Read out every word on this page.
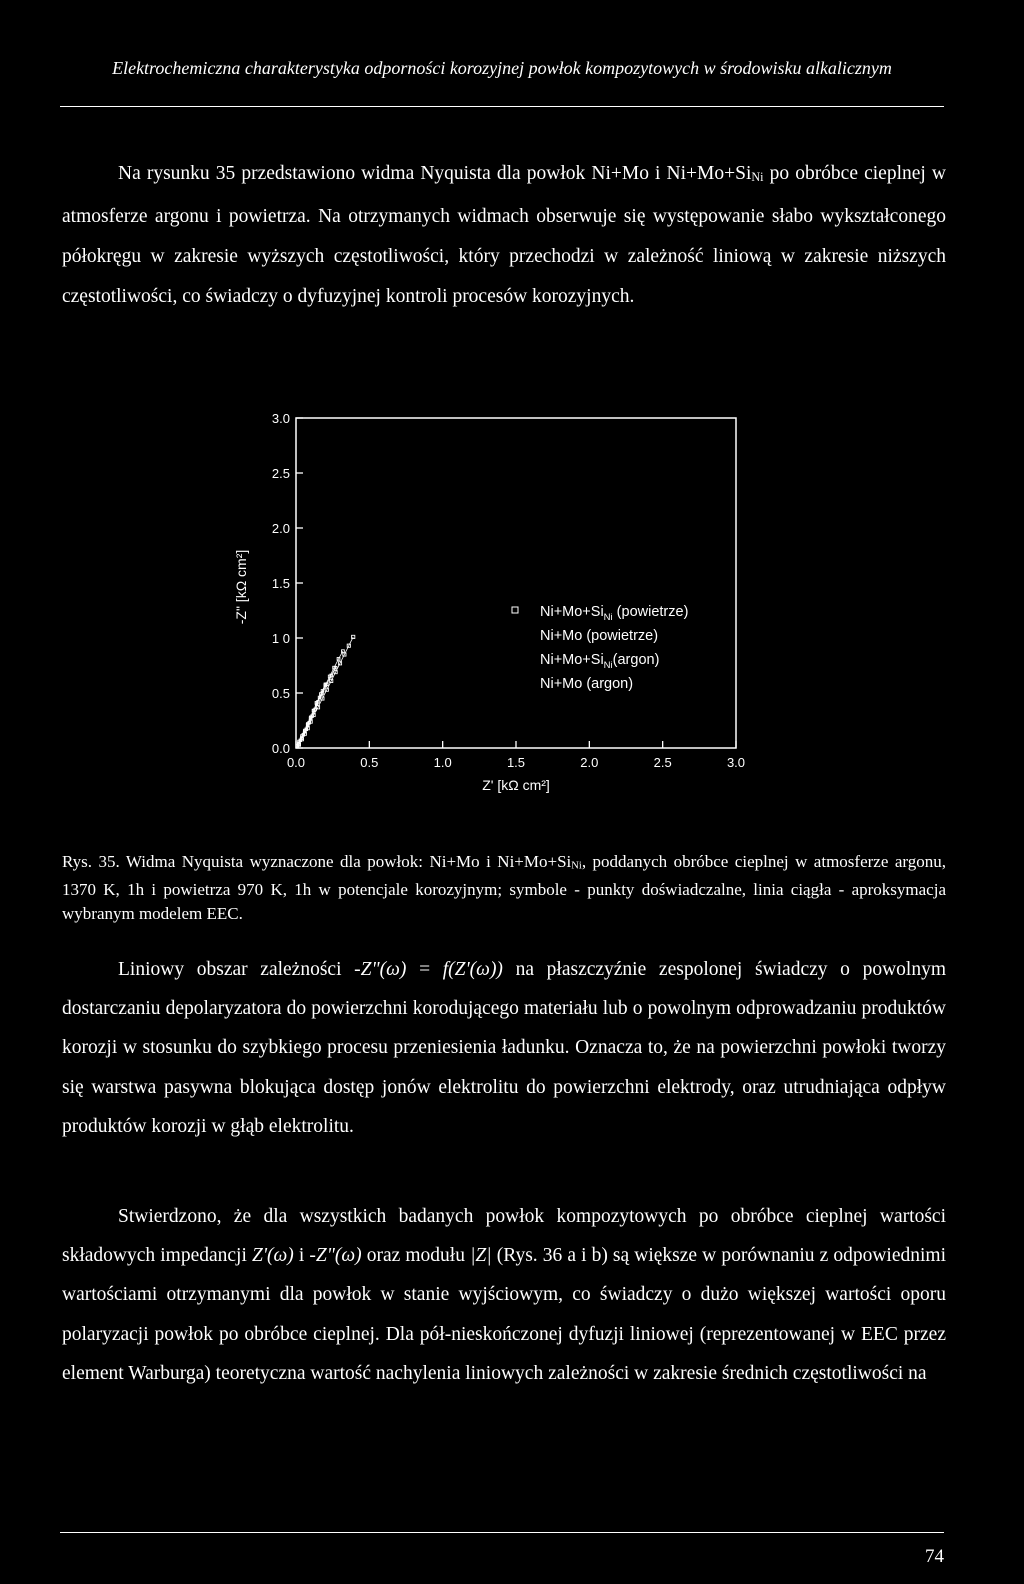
Elektrochemiczna charakterystyka odporności korozyjnej powłok kompozytowych w środowisku alkalicznym
Na rysunku 35 przedstawiono widma Nyquista dla powłok Ni+Mo i $Ni+Mo+Si_{Ni}$ po obróbce cieplnej w atmosferze argonu i powietrza. Na otrzymanych widmach obserwuje się występowanie słabo wykształconego półokręgu w zakresie wyższych częstotliwości, który przechodzi w zależność liniową w zakresie niższych częstotliwości, co świadczy o dyfuzyjnej kontroli procesów korozyjnych.
0.0	0.5	1.0	1.5	2.0	2.5	3.0
0.0
0.5
1 0
1.5
2.0
2.5
3.0
Z' [kΩ cm²]
-Z" [kΩ cm²]	$Ni+Mo+Si_{Ni}$ (powietrze)
Ni+Mo (powietrze)
$Ni+Mo+Si_{Ni}(argon)$
Ni+Mo (argon)
Rys. 35. Widma Nyquista wyznaczone dla powłok: Ni+Mo i $Ni+Mo+Si_{Ni}$, poddanych obróbce cieplnej w atmosferze argonu, 1370 K, 1h i powietrza 970 K, 1h w potencjale korozyjnym; symbole - punkty doświadczalne, linia ciągła - aproksymacja wybranym modelem EEC.
Liniowy obszar zależności -Z"(ω) = f(Z'(ω)) na płaszczyźnie zespolonej świadczy o powolnym dostarczaniu depolaryzatora do powierzchni korodującego materiału lub o powolnym odprowadzaniu produktów korozji w stosunku do szybkiego procesu przeniesienia ładunku. Oznacza to, że na powierzchni powłoki tworzy się warstwa pasywna blokująca dostęp jonów elektrolitu do powierzchni elektrody, oraz utrudniająca odpływ produktów korozji w głąb elektrolitu.
Stwierdzono, że dla wszystkich badanych powłok kompozytowych po obróbce cieplnej wartości składowych impedancji Z'(ω) i -Z"(ω) oraz modułu |Z| (Rys. 36 a i b) są większe w porównaniu z odpowiednimi wartościami otrzymanymi dla powłok w stanie wyjściowym, co świadczy o dużo większej wartości oporu polaryzacji powłok po obróbce cieplnej. Dla pół-nieskończonej dyfuzji liniowej (reprezentowanej w EEC przez element Warburga) teoretyczna wartość nachylenia liniowych zależności w zakresie średnich częstotliwości na
74
